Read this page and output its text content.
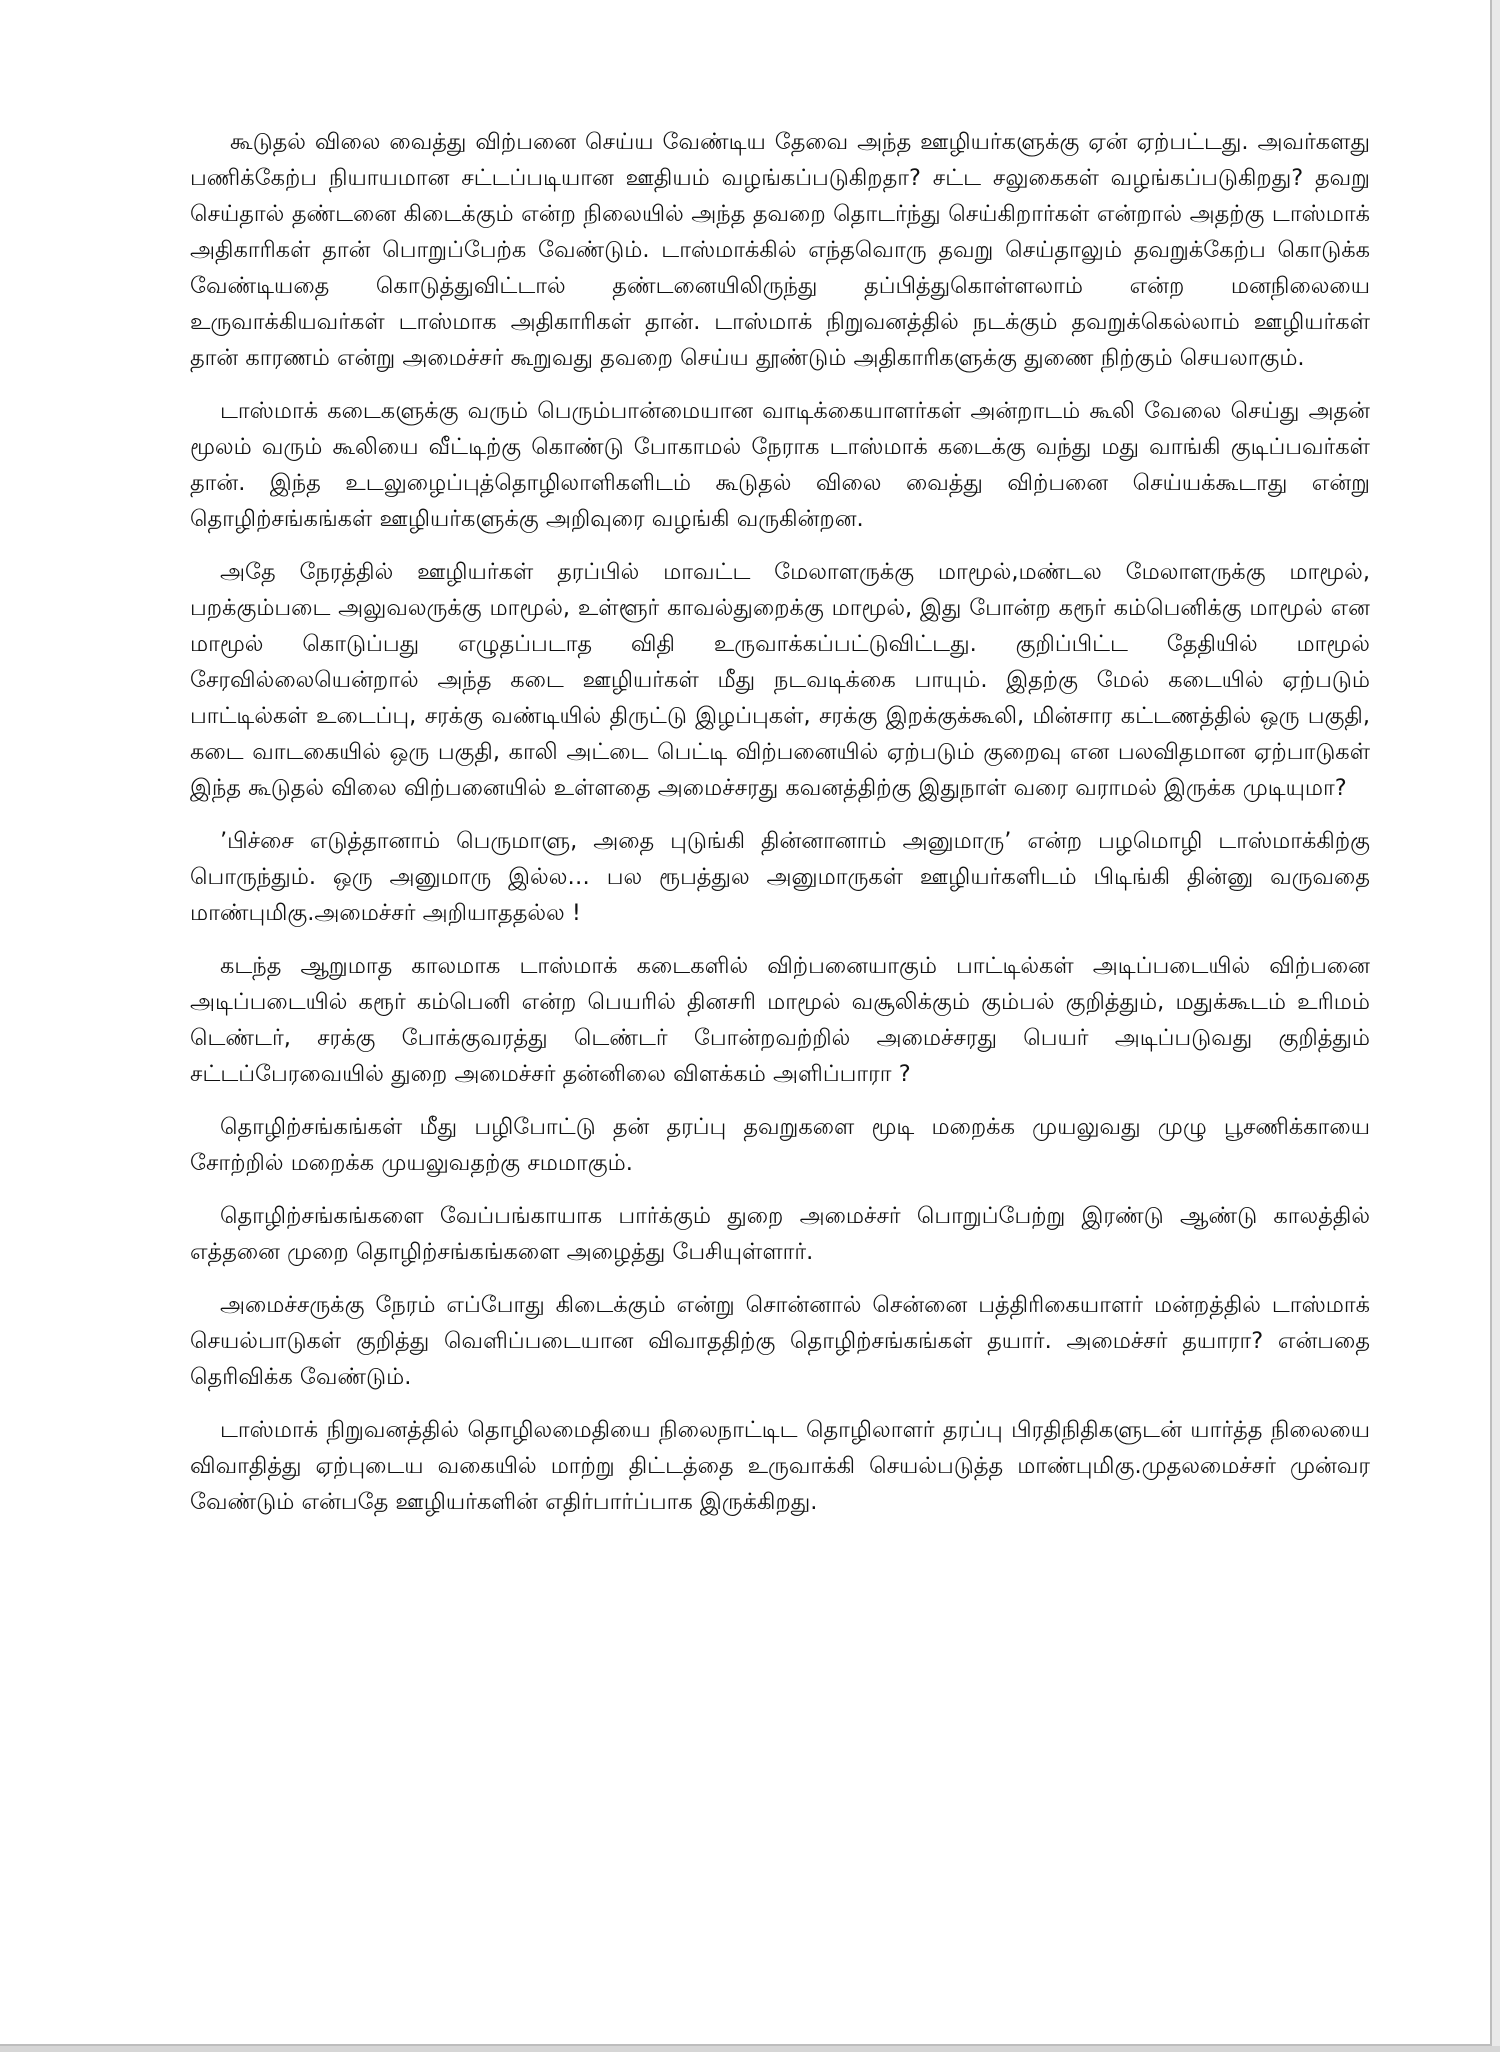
கூடுதல் விலை வைத்து விற்பனை செய்ய வேண்டிய தேவை அந்த ஊழியர்களுக்கு ஏன் ஏற்பட்டது. அவர்களது பணிக்கேற்ப நியாயமான சட்டப்படியான ஊதியம் வழங்கப்படுகிறதா? சட்ட சலுகைகள் வழங்கப்படுகிறது? தவறு செய்தால் தண்டனை கிடைக்கும் என்ற நிலையில் அந்த தவறை தொடர்ந்து செய்கிறார்கள் என்றால் அதற்கு டாஸ்மாக் அதிகாரிகள் தான் பொறுப்பேற்க வேண்டும். டாஸ்மாக்கில் எந்தவொரு தவறு செய்தாலும் தவறுக்கேற்ப கொடுக்க வேண்டியதை கொடுத்துவிட்டால் தண்டனையிலிருந்து தப்பித்துகொள்ளலாம் என்ற மனநிலையை உருவாக்கியவர்கள் டாஸ்மாக அதிகாரிகள் தான். டாஸ்மாக் நிறுவனத்தில் நடக்கும் தவறுக்கெல்லாம் ஊழியர்கள் தான் காரணம் என்று அமைச்சர் கூறுவது தவறை செய்ய தூண்டும் அதிகாரிகளுக்கு துணை நிற்கும் செயலாகும்.

டாஸ்மாக் கடைகளுக்கு வரும் பெரும்பான்மையான வாடிக்கையாளர்கள் அன்றாடம் கூலி வேலை செய்து அதன் மூலம் வரும் கூலியை வீட்டிற்கு கொண்டு போகாமல் நேராக டாஸ்மாக் கடைக்கு வந்து மது வாங்கி குடிப்பவர்கள் தான். இந்த உடலுழைப்புத்தொழிலாளிகளிடம் கூடுதல் விலை வைத்து விற்பனை செய்யக்கூடாது என்று தொழிற்சங்கங்கள் ஊழியர்களுக்கு அறிவுரை வழங்கி வருகின்றன.

அதே நேரத்தில் ஊழியர்கள் தரப்பில் மாவட்ட மேலாளருக்கு மாமூல்,மண்டல மேலாளருக்கு மாமூல், பறக்கும்படை அலுவலருக்கு மாமூல், உள்ளூர் காவல்துறைக்கு மாமூல், இது போன்ற கரூர் கம்பெனிக்கு மாமூல் என மாமூல் கொடுப்பது எழுதப்படாத விதி உருவாக்கப்பட்டுவிட்டது. குறிப்பிட்ட தேதியில் மாமூல் சேரவில்லையென்றால் அந்த கடை ஊழியர்கள் மீது நடவடிக்கை பாயும். இதற்கு மேல் கடையில் ஏற்படும் பாட்டில்கள் உடைப்பு, சரக்கு வண்டியில் திருட்டு இழப்புகள், சரக்கு இறக்குக்கூலி, மின்சார கட்டணத்தில் ஒரு பகுதி, கடை வாடகையில் ஒரு பகுதி, காலி அட்டை பெட்டி விற்பனையில் ஏற்படும் குறைவு என பலவிதமான ஏற்பாடுகள் இந்த கூடுதல் விலை விற்பனையில் உள்ளதை அமைச்சரது கவனத்திற்கு இதுநாள் வரை வராமல் இருக்க முடியுமா?

’பிச்சை எடுத்தானாம் பெருமாளு, அதை புடுங்கி தின்னானாம் அனுமாரு’ என்ற பழமொழி டாஸ்மாக்கிற்கு பொருந்தும். ஒரு அனுமாரு இல்ல… பல ரூபத்துல அனுமாருகள் ஊழியர்களிடம் பிடிங்கி தின்னு வருவதை மாண்புமிகு.அமைச்சர் அறியாததல்ல !

கடந்த ஆறுமாத காலமாக டாஸ்மாக் கடைகளில் விற்பனையாகும் பாட்டில்கள் அடிப்படையில் விற்பனை அடிப்படையில் கரூர் கம்பெனி என்ற பெயரில் தினசரி மாமூல் வசூலிக்கும் கும்பல் குறித்தும், மதுக்கூடம் உரிமம் டெண்டர், சரக்கு போக்குவரத்து டெண்டர் போன்றவற்றில் அமைச்சரது பெயர் அடிப்படுவது குறித்தும் சட்டப்பேரவையில் துறை அமைச்சர் தன்னிலை விளக்கம் அளிப்பாரா ?

தொழிற்சங்கங்கள் மீது பழிபோட்டு தன் தரப்பு தவறுகளை மூடி மறைக்க முயலுவது முழு பூசணிக்காயை சோற்றில் மறைக்க முயலுவதற்கு சமமாகும்.

தொழிற்சங்கங்களை வேப்பங்காயாக பார்க்கும் துறை அமைச்சர் பொறுப்பேற்று இரண்டு ஆண்டு காலத்தில் எத்தனை முறை தொழிற்சங்கங்களை அழைத்து பேசியுள்ளார்.

அமைச்சருக்கு நேரம் எப்போது கிடைக்கும் என்று சொன்னால் சென்னை பத்திரிகையாளர் மன்றத்தில் டாஸ்மாக் செயல்பாடுகள் குறித்து வெளிப்படையான விவாததிற்கு தொழிற்சங்கங்கள் தயார். அமைச்சர் தயாரா? என்பதை தெரிவிக்க வேண்டும்.

டாஸ்மாக் நிறுவனத்தில் தொழிலமைதியை நிலைநாட்டிட தொழிலாளர் தரப்பு பிரதிநிதிகளுடன் யார்த்த நிலையை விவாதித்து ஏற்புடைய வகையில் மாற்று திட்டத்தை உருவாக்கி செயல்படுத்த மாண்புமிகு.முதலமைச்சர் முன்வர வேண்டும் என்பதே ஊழியர்களின் எதிர்பார்ப்பாக இருக்கிறது.
